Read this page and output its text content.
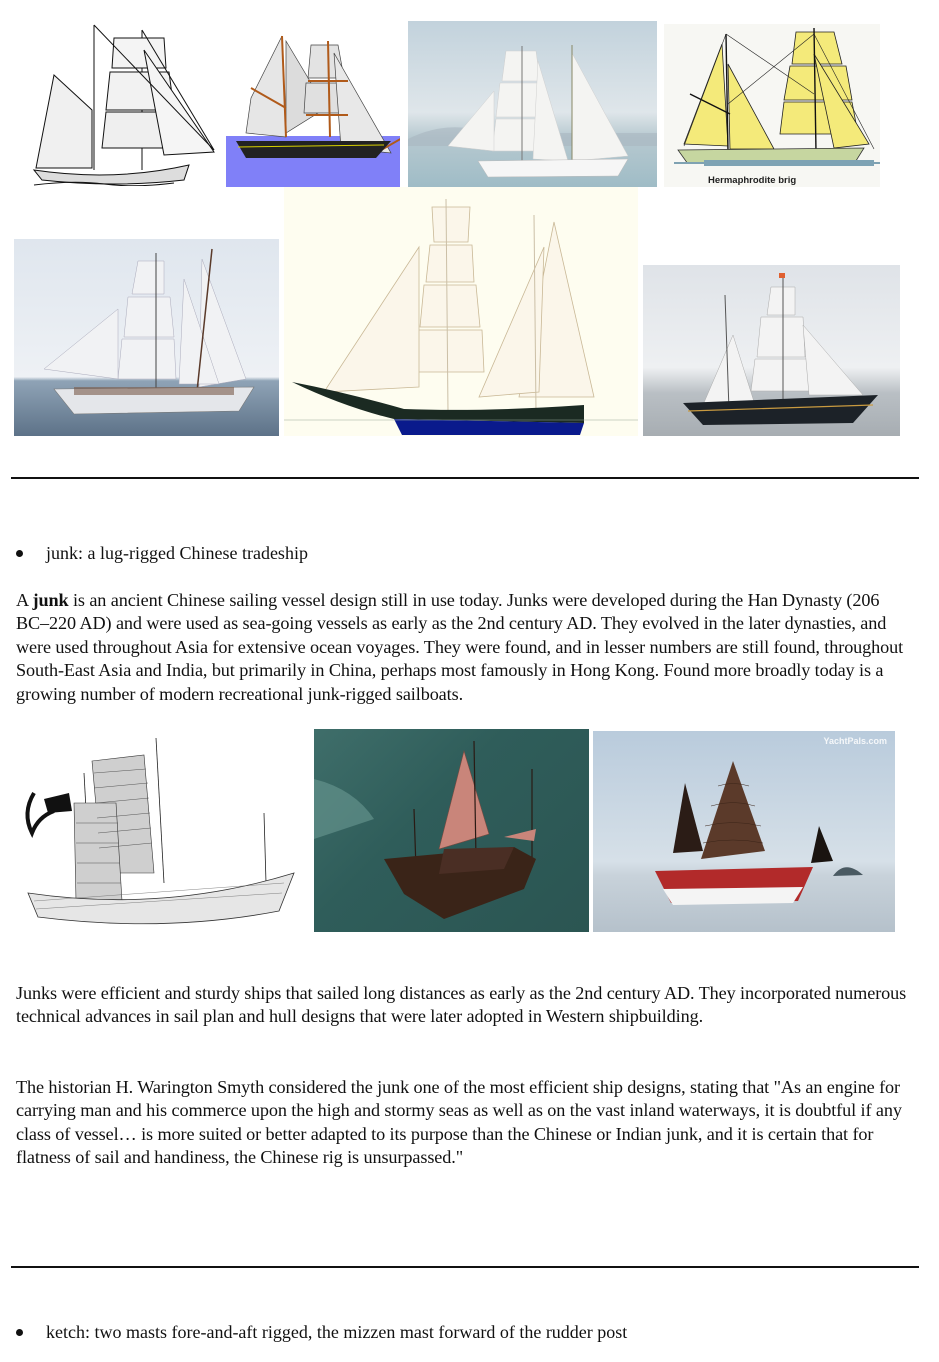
Hermaphrodite brig
junk: a lug-rigged Chinese tradeship

A junk is an ancient Chinese sailing vessel design still in use today. Junks were developed during the Han Dynasty (206 BC–220 AD) and were used as sea-going vessels as early as the 2nd century AD. They evolved in the later dynasties, and were used throughout Asia for extensive ocean voyages. They were found, and in lesser numbers are still found, throughout South-East Asia and India, but primarily in China, perhaps most famously in Hong Kong. Found more broadly today is a growing number of modern recreational junk-rigged sailboats.

YachtPals.com

Junks were efficient and sturdy ships that sailed long distances as early as the 2nd century AD. They incorporated numerous technical advances in sail plan and hull designs that were later adopted in Western shipbuilding.

The historian H. Warington Smyth considered the junk one of the most efficient ship designs, stating that "As an engine for carrying man and his commerce upon the high and stormy seas as well as on the vast inland waterways, it is doubtful if any class of vessel… is more suited or better adapted to its purpose than the Chinese or Indian junk, and it is certain that for flatness of sail and handiness, the Chinese rig is unsurpassed."

ketch: two masts fore-and-aft rigged, the mizzen mast forward of the rudder post
